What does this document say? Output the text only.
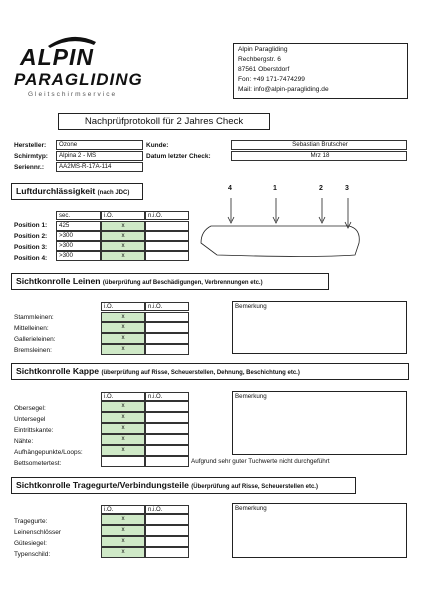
ALPIN
PARAGLIDING
Gleitschirmservice
Alpin Paragliding
Rechbergstr. 6
87561 Oberstdorf
Fon: +49 171-7474299
Mail: info@alpin-paragliding.de
Nachprüfprotokoll für 2 Jahres Check
Hersteller:	Ozone
Schirmtyp:	Alpina 2 - MS
Seriennr.:	AA2MS-R-17A-114
Kunde:	Sebastian Brutscher
Datum letzter Check:	Mrz 18
Luftdurchlässigkeit (nach JDC)
sec.	i.O.	n.i.O.
Position 1:	425	x
Position 2:	>300	x
Position 3:	>300	x
Position 4:	>300	x
4	1	2	3
Sichtkonrolle Leinen (überprüfung auf Beschädigungen, Verbrennungen etc.)
i.O.	n.i.O.	Bemerkung
Stammleinen:	x
Mittelleinen:	x
Gallerieleinen:	x
Bremsleinen:	x
Sichtkonrolle Kappe (überprüfung auf Risse, Scheuerstellen, Dehnung, Beschichtung etc.)
i.O.	n.i.O.	Bemerkung
Obersegel:	x
Untersegel	x
Eintrittskante:	x
Nähte:	x
Aufhängepunkte/Loops:	x
Bettsometertest:	Aufgrund sehr guter Tuchwerte nicht durchgeführt
Sichtkonrolle Tragegurte/Verbindungsteile (Überprüfung auf Risse, Scheuerstellen etc.)
i.O.	n.i.O.	Bemerkung
Tragegurte:	x
Leinenschlösser	x
Gütesiegel:	x
Typenschild:	x
